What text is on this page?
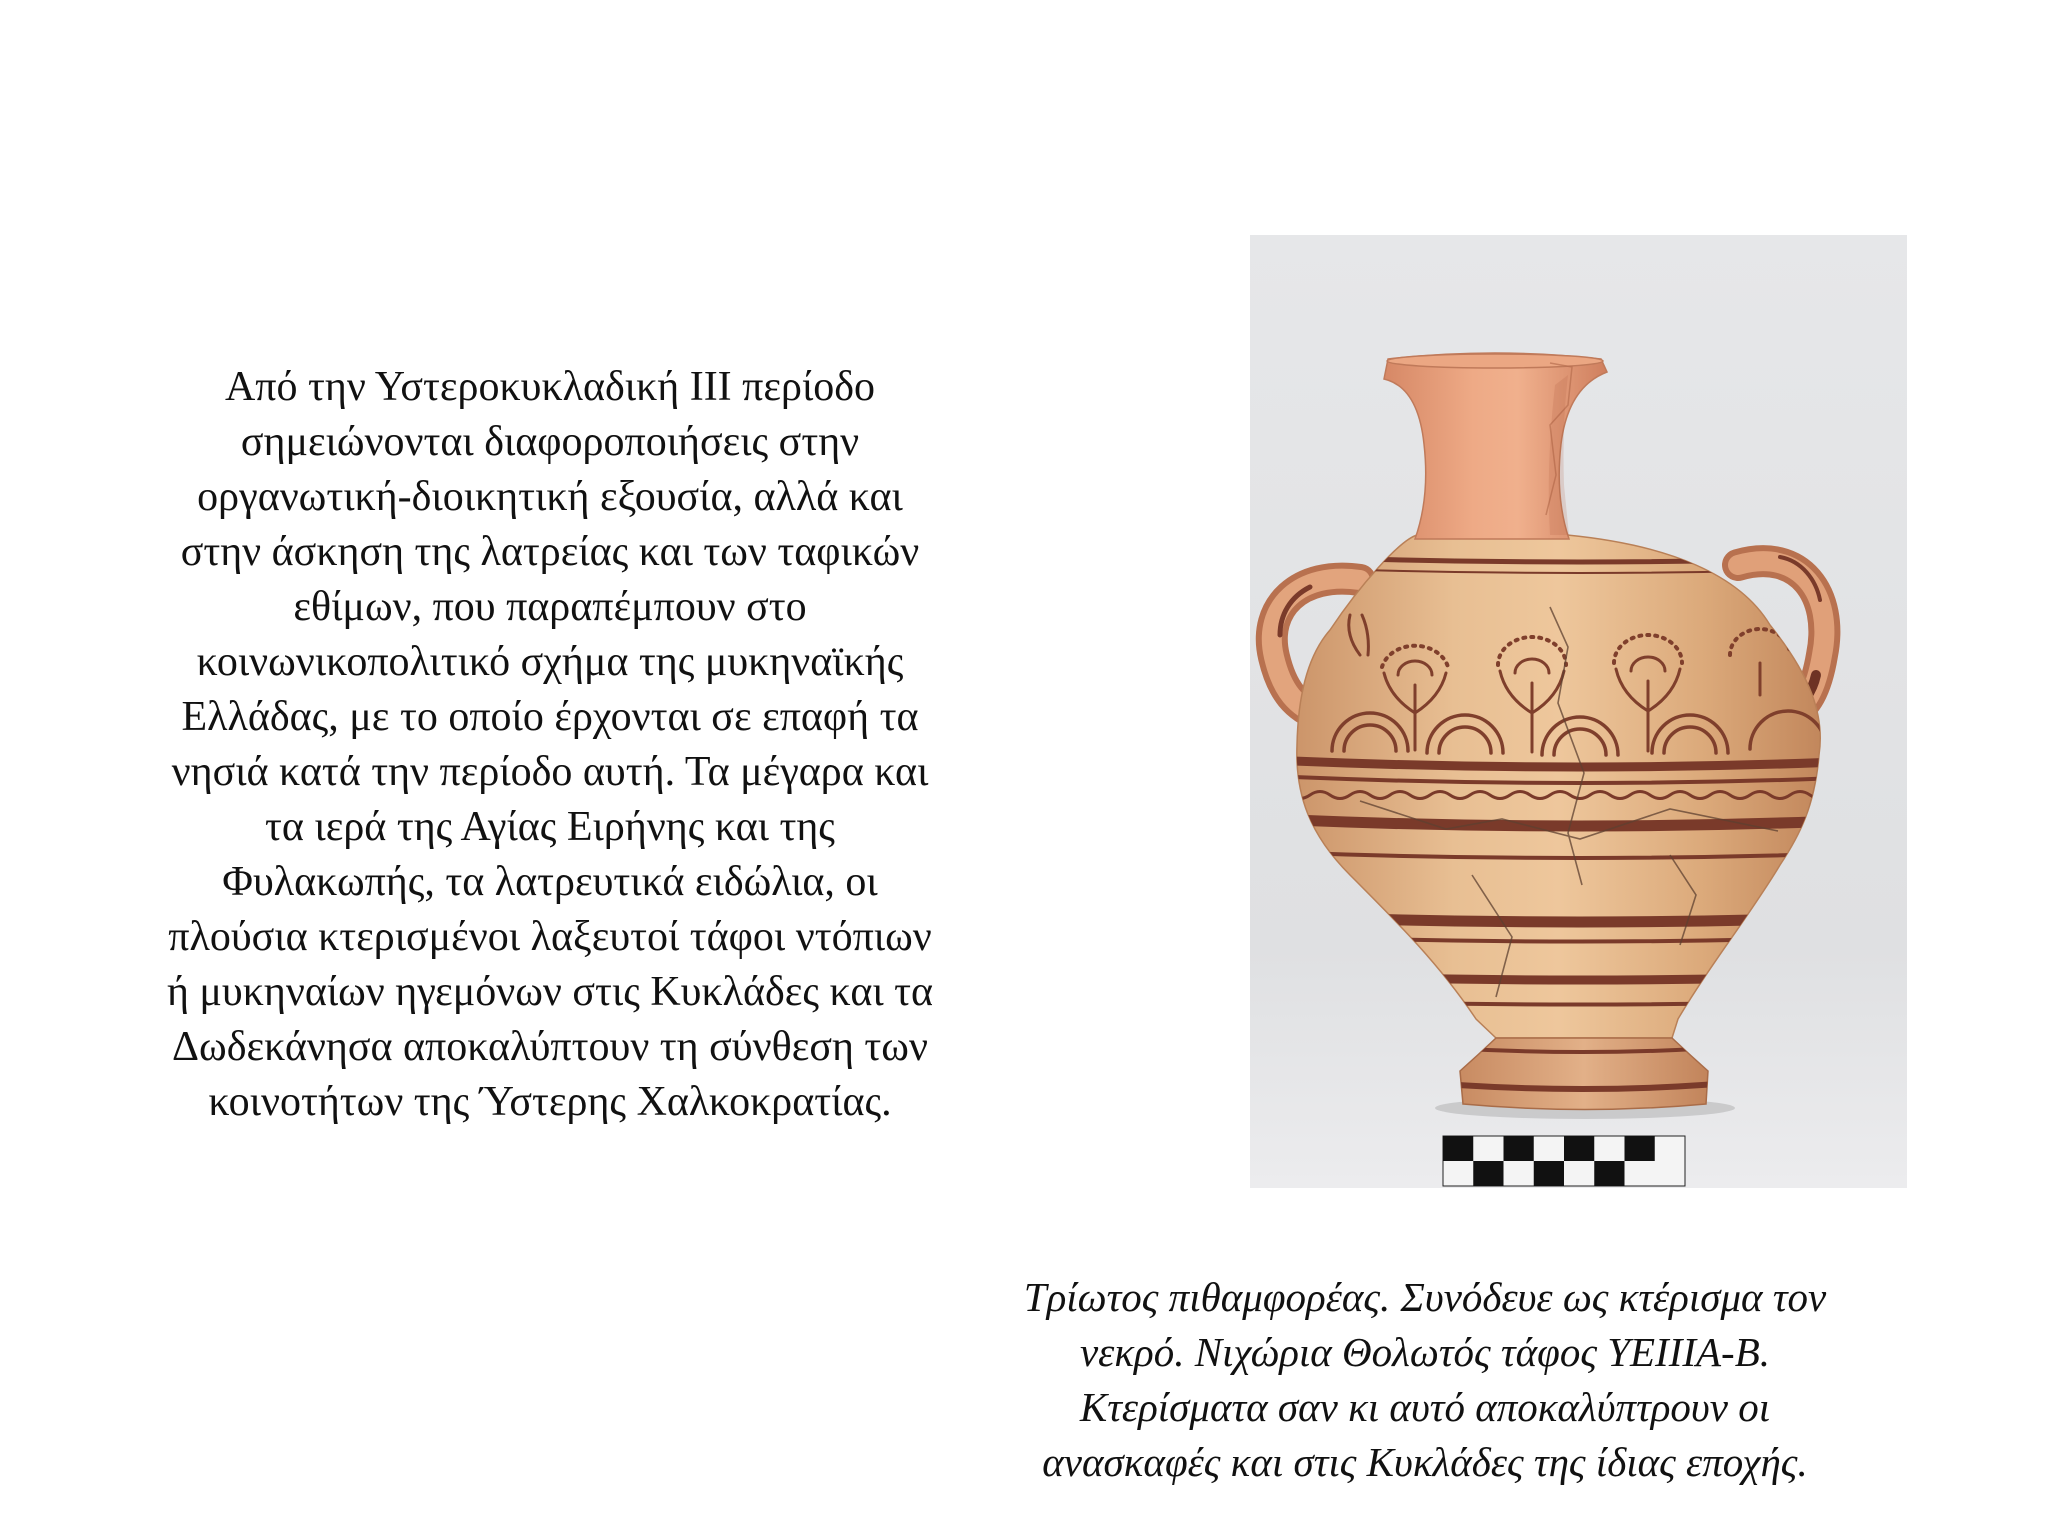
Από την Υστεροκυκλαδική III περίοδο
σημειώνονται διαφοροποιήσεις στην
οργανωτική-διοικητική εξουσία, αλλά και
στην άσκηση της λατρείας και των ταφικών
εθίμων, που παραπέμπουν στο
κοινωνικοπολιτικό σχήμα της μυκηναϊκής
Ελλάδας, με το οποίο έρχονται σε επαφή τα
νησιά κατά την περίοδο αυτή. Τα μέγαρα και
τα ιερά της Αγίας Ειρήνης και της
Φυλακωπής, τα λατρευτικά ειδώλια, οι
πλούσια κτερισμένοι λαξευτοί τάφοι ντόπιων
ή μυκηναίων ηγεμόνων στις Κυκλάδες και τα
Δωδεκάνησα αποκαλύπτουν τη σύνθεση των
κοινοτήτων της Ύστερης Χαλκοκρατίας.
Τρίωτος πιθαμφορέας. Συνόδευε ως κτέρισμα τον
νεκρό. Νιχώρια Θολωτός τάφος ΥΕΙΙΙΑ-Β.
Κτερίσματα σαν κι αυτό αποκαλύπτρουν οι
ανασκαφές και στις Κυκλάδες της ίδιας εποχής.
